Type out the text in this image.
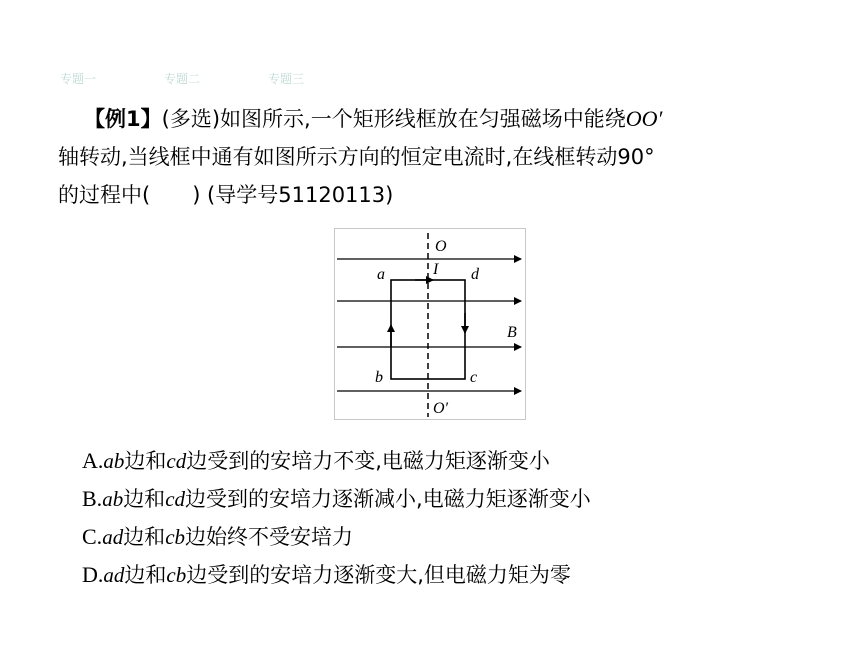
专题一	专题二	专题三
【例1】(多选)如图所示,一个矩形线框放在匀强磁场中能绕OO′
轴转动,当线框中通有如图所示方向的恒定电流时,在线框转动90°
的过程中(　　) (导学号51120113)
O
I
a	d
B
b	c
O′
A.ab边和cd边受到的安培力不变,电磁力矩逐渐变小
B.ab边和cd边受到的安培力逐渐减小,电磁力矩逐渐变小
C.ad边和cb边始终不受安培力
D.ad边和cb边受到的安培力逐渐变大,但电磁力矩为零
